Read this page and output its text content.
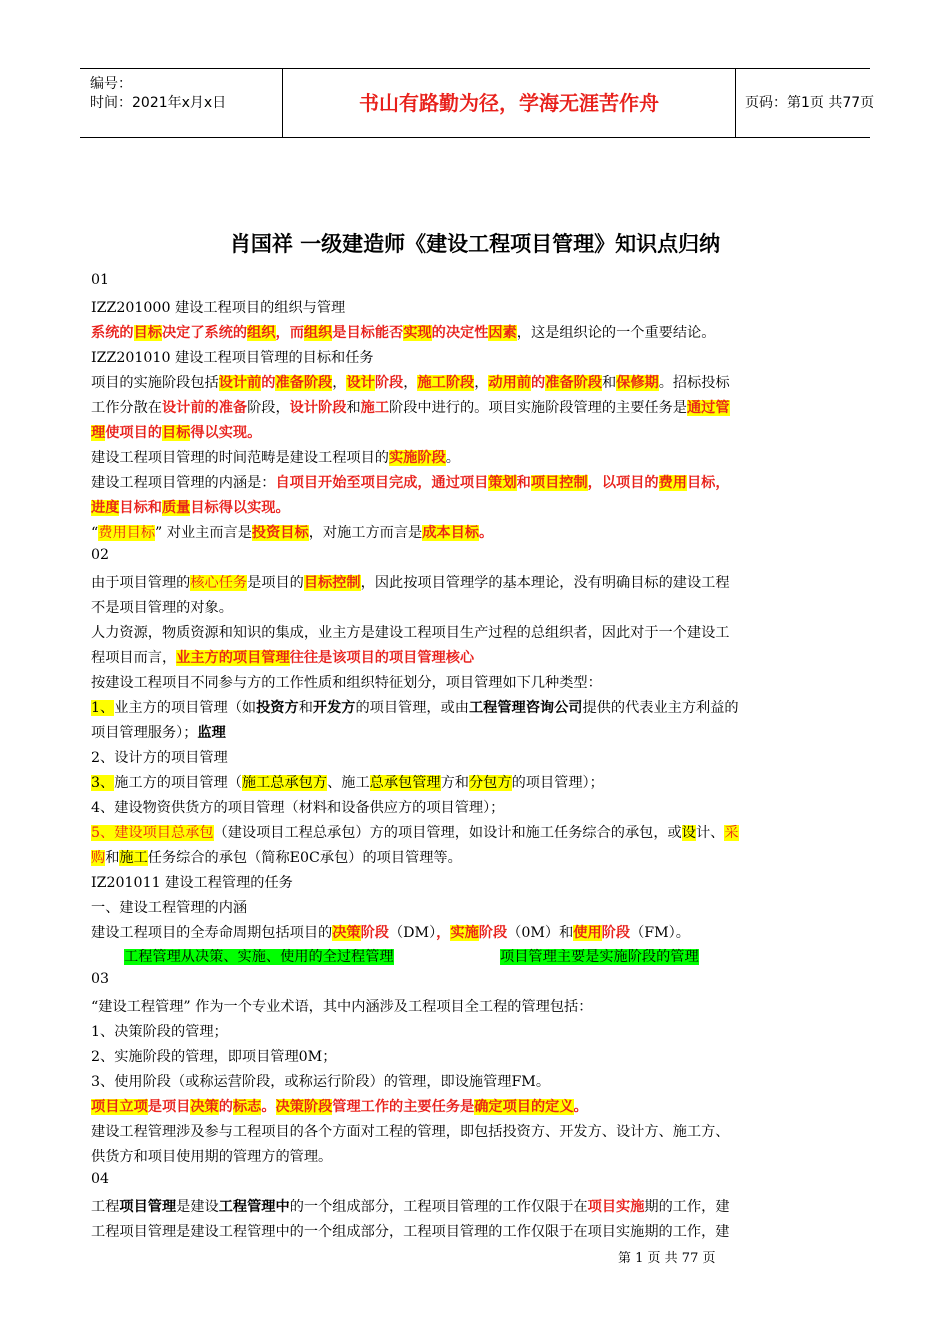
编号：
时间：2021年x月x日	书山有路勤为径，学海无涯苦作舟	页码：第1页 共77页
肖国祥 一级建造师《建设工程项目管理》知识点归纳
01
IZZ201000 建设工程项目的组织与管理
系统的目标决定了系统的组织，而组织是目标能否实现的决定性因素，这是组织论的一个重要结论。
IZZ201010 建设工程项目管理的目标和任务
项目的实施阶段包括设计前的准备阶段，设计阶段，施工阶段，动用前的准备阶段和保修期。招标投标
工作分散在设计前的准备阶段，设计阶段和施工阶段中进行的。项目实施阶段管理的主要任务是通过管
理使项目的目标得以实现。
建设工程项目管理的时间范畴是建设工程项目的实施阶段。
建设工程项目管理的内涵是：自项目开始至项目完成，通过项目策划和项目控制，以项目的费用目标，
进度目标和质量目标得以实现。
“费用目标” 对业主而言是投资目标，对施工方而言是成本目标。
02
由于项目管理的核心任务是项目的目标控制，因此按项目管理学的基本理论，没有明确目标的建设工程
不是项目管理的对象。
人力资源，物质资源和知识的集成，业主方是建设工程项目生产过程的总组织者，因此对于一个建设工
程项目而言，业主方的项目管理往往是该项目的项目管理核心
按建设工程项目不同参与方的工作性质和组织特征划分，项目管理如下几种类型：
1、业主方的项目管理（如投资方和开发方的项目管理，或由工程管理咨询公司提供的代表业主方利益的
项目管理服务）；监理
2、设计方的项目管理
3、施工方的项目管理（施工总承包方、施工总承包管理方和分包方的项目管理）；
4、建设物资供货方的项目管理（材料和设备供应方的项目管理）；
5、建设项目总承包（建设项目工程总承包）方的项目管理，如设计和施工任务综合的承包，或设计、采
购和施工任务综合的承包（简称E0C承包）的项目管理等。
IZ201011 建设工程管理的任务
一、建设工程管理的内涵
建设工程项目的全寿命周期包括项目的决策阶段（DM），实施阶段（0M）和使用阶段（FM）。
工程管理从决策、实施、使用的全过程管理	项目管理主要是实施阶段的管理
03
“建设工程管理” 作为一个专业术语，其中内涵涉及工程项目全工程的管理包括：
1、决策阶段的管理；
2、实施阶段的管理，即项目管理0M；
3、使用阶段（或称运营阶段，或称运行阶段）的管理，即设施管理FM。
项目立项是项目决策的标志。决策阶段管理工作的主要任务是确定项目的定义。
建设工程管理涉及参与工程项目的各个方面对工程的管理，即包括投资方、开发方、设计方、施工方、
供货方和项目使用期的管理方的管理。
04
工程项目管理是建设工程管理中的一个组成部分，工程项目管理的工作仅限于在项目实施期的工作，建
工程项目管理是建设工程管理中的一个组成部分，工程项目管理的工作仅限于在项目实施期的工作，建
第 1 页 共 77 页
